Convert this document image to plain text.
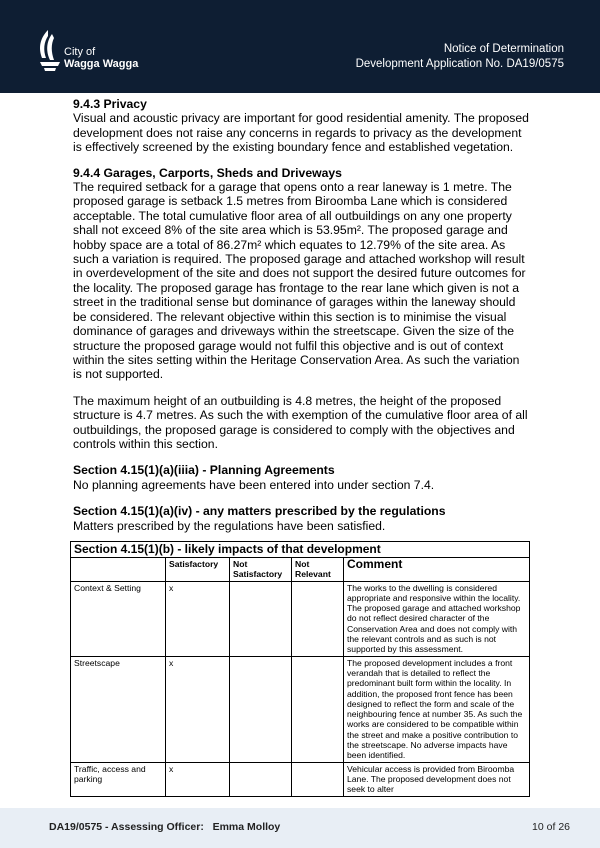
City of
Wagga Wagga
Notice of Determination
Development Application No. DA19/0575
9.4.3 Privacy

Visual and acoustic privacy are important for good residential amenity. The proposed development does not raise any concerns in regards to privacy as the development is effectively screened by the existing boundary fence and established vegetation.

9.4.4 Garages, Carports, Sheds and Driveways

The required setback for a garage that opens onto a rear laneway is 1 metre. The proposed garage is setback 1.5 metres from Biroomba Lane which is considered acceptable. The total cumulative floor area of all outbuildings on any one property shall not exceed 8% of the site area which is 53.95m². The proposed garage and hobby space are a total of 86.27m² which equates to 12.79% of the site area. As such a variation is required. The proposed garage and attached workshop will result in overdevelopment of the site and does not support the desired future outcomes for the locality. The proposed garage has frontage to the rear lane which given is not a street in the traditional sense but dominance of garages within the laneway should be considered. The relevant objective within this section is to minimise the visual dominance of garages and driveways within the streetscape. Given the size of the structure the proposed garage would not fulfil this objective and is out of context within the sites setting within the Heritage Conservation Area. As such the variation is not supported.

The maximum height of an outbuilding is 4.8 metres, the height of the proposed structure is 4.7 metres. As such the with exemption of the cumulative floor area of all outbuildings, the proposed garage is considered to comply with the objectives and controls within this section.

Section 4.15(1)(a)(iiia) - Planning Agreements

No planning agreements have been entered into under section 7.4.

Section 4.15(1)(a)(iv) - any matters prescribed by the regulations

Matters prescribed by the regulations have been satisfied.

Section 4.15(1)(b) - likely impacts of that development				
	Satisfactory	Not Satisfactory	Not Relevant	Comment
Context & Setting	x			The works to the dwelling is considered appropriate and responsive within the locality. The proposed garage and attached workshop do not reflect desired character of the Conservation Area and does not comply with the relevant controls and as such is not supported by this assessment.
Streetscape	x			The proposed development includes a front verandah that is detailed to reflect the predominant built form within the locality. In addition, the proposed front fence has been designed to reflect the form and scale of the neighbouring fence at number 35. As such the works are considered to be compatible within the street and make a positive contribution to the streetscape. No adverse impacts have been identified.
Traffic, access and parking	x			Vehicular access is provided from Biroomba Lane. The proposed development does not seek to alter
DA19/0575 - Assessing Officer:   Emma Molloy	10 of 26
